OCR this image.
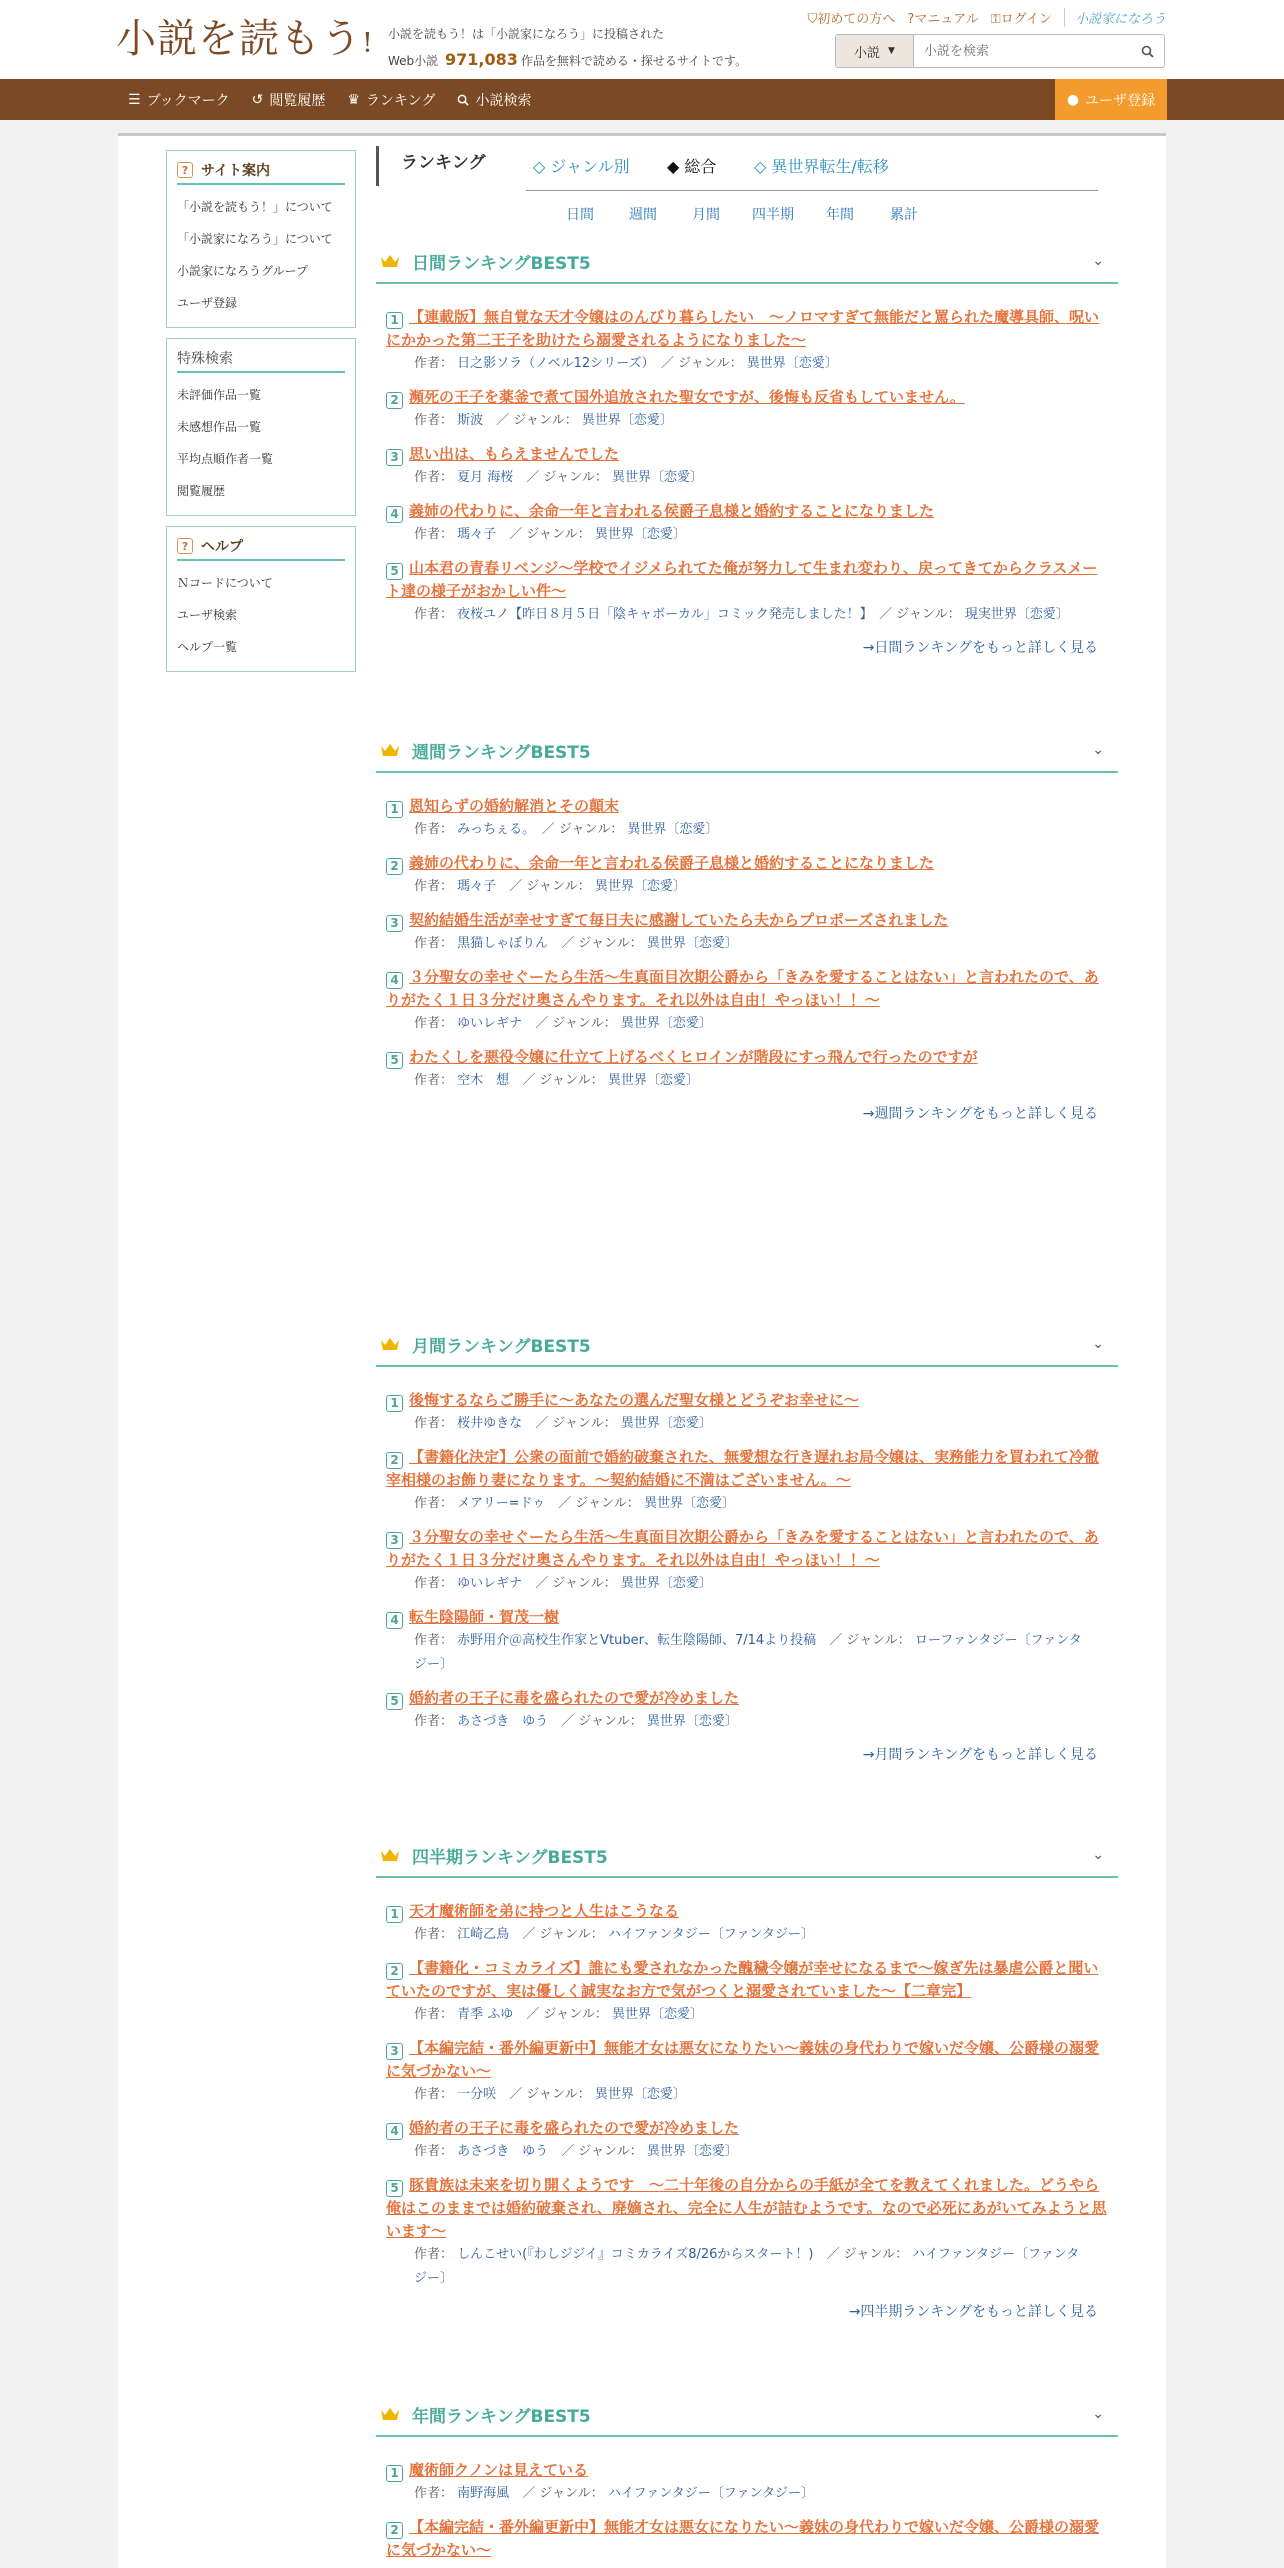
小説を読もう! 小説を読もう！は「小説家になろう」に投稿された
Web小説 971,083 作品を無料で読める・探せるサイトです。
⛉初めての方へ ?マニュアル ⚿ログイン	小説家になろう
小説 ▼
小説を検索
☰ ブックマーク ↺ 閲覧履歴 ♛ ランキング	小説検索	● ユーザ登録
? サイト案内
「小説を読もう！」について
「小説家になろう」について
小説家になろうグループ
ユーザ登録
特殊検索
未評価作品一覧
未感想作品一覧
平均点順作者一覧
閲覧履歴
? ヘルプ
Ｎコードについて
ユーザ検索
ヘルプ一覧
ランキング	◇ ジャンル別 ◆ 総合 ◇ 異世界転生/転移
日間	週間	月間 四半期 年間	累計
日間ランキングBEST5	⌄
1 【連載版】無自覚な天才令嬢はのんびり暮らしたい　～ノロマすぎて無能だと罵られた魔導具師、呪いにかかった第二王子を助けたら溺愛されるようになりました～
作者： 日之影ソラ（ノベル12シリーズ）　 ／ ジャンル： 異世界〔恋愛〕
2 瀕死の王子を薬釜で煮て国外追放された聖女ですが、後悔も反省もしていません。
作者： 斯波　 ／ ジャンル： 異世界〔恋愛〕
3 思い出は、もらえませんでした
作者： 夏月 海桜　 ／ ジャンル： 異世界〔恋愛〕
4 義姉の代わりに、余命一年と言われる侯爵子息様と婚約することになりました
作者： 瑪々子　 ／ ジャンル： 異世界〔恋愛〕
5 山本君の青春リベンジ～学校でイジメられてた俺が努力して生まれ変わり、戻ってきてからクラスメート達の様子がおかしい件～
作者： 夜桜ユノ【昨日８月５日「陰キャボーカル」コミック発売しました！】　 ／ ジャンル： 現実世界〔恋愛〕
→日間ランキングをもっと詳しく見る
週間ランキングBEST5	⌄
1 恩知らずの婚約解消とその顛末
作者： みっちぇる。　 ／ ジャンル： 異世界〔恋愛〕
2 義姉の代わりに、余命一年と言われる侯爵子息様と婚約することになりました
作者： 瑪々子　 ／ ジャンル： 異世界〔恋愛〕
3 契約結婚生活が幸せすぎて毎日夫に感謝していたら夫からプロポーズされました
作者： 黒猫しゃぼりん　 ／ ジャンル： 異世界〔恋愛〕
4 ３分聖女の幸せぐーたら生活～生真面目次期公爵から「きみを愛することはない」と言われたので、ありがたく１日３分だけ奥さんやります。それ以外は自由！やっほい！！～
作者： ゆいレギナ　 ／ ジャンル： 異世界〔恋愛〕
5 わたくしを悪役令嬢に仕立て上げるべくヒロインが階段にすっ飛んで行ったのですが
作者： 空木　想　 ／ ジャンル： 異世界〔恋愛〕
→週間ランキングをもっと詳しく見る
月間ランキングBEST5	⌄
1 後悔するならご勝手に～あなたの選んだ聖女様とどうぞお幸せに～
作者： 桜井ゆきな　 ／ ジャンル： 異世界〔恋愛〕
2 【書籍化決定】公衆の面前で婚約破棄された、無愛想な行き遅れお局令嬢は、実務能力を買われて冷徹宰相様のお飾り妻になります。～契約結婚に不満はございません。～
作者： メアリー=ドゥ　 ／ ジャンル： 異世界〔恋愛〕
3 ３分聖女の幸せぐーたら生活～生真面目次期公爵から「きみを愛することはない」と言われたので、ありがたく１日３分だけ奥さんやります。それ以外は自由！やっほい！！～
作者： ゆいレギナ　 ／ ジャンル： 異世界〔恋愛〕
4 転生陰陽師・賀茂一樹
作者： 赤野用介＠高校生作家とVtuber、転生陰陽師、7/14より投稿　 ／ ジャンル： ローファンタジー〔ファンタジー〕
5 婚約者の王子に毒を盛られたので愛が冷めました
作者： あさづき　ゆう　 ／ ジャンル： 異世界〔恋愛〕
→月間ランキングをもっと詳しく見る
四半期ランキングBEST5	⌄
1 天才魔術師を弟に持つと人生はこうなる
作者： 江崎乙鳥　 ／ ジャンル： ハイファンタジー〔ファンタジー〕
2 【書籍化・コミカライズ】誰にも愛されなかった醜穢令嬢が幸せになるまで〜嫁ぎ先は暴虐公爵と聞いていたのですが、実は優しく誠実なお方で気がつくと溺愛されていました〜【二章完】
作者： 青季 ふゆ　 ／ ジャンル： 異世界〔恋愛〕
3 【本編完結・番外編更新中】無能才女は悪女になりたい～義妹の身代わりで嫁いだ令嬢、公爵様の溺愛に気づかない～
作者： 一分咲　 ／ ジャンル： 異世界〔恋愛〕
4 婚約者の王子に毒を盛られたので愛が冷めました
作者： あさづき　ゆう　 ／ ジャンル： 異世界〔恋愛〕
5 豚貴族は未来を切り開くようです　～二十年後の自分からの手紙が全てを教えてくれました。どうやら俺はこのままでは婚約破棄され、廃嫡され、完全に人生が詰むようです。なので必死にあがいてみようと思います～
作者： しんこせい(『わしジジイ』コミカライズ8/26からスタート！)　 ／ ジャンル： ハイファンタジー〔ファンタジー〕
→四半期ランキングをもっと詳しく見る
年間ランキングBEST5	⌄
1 魔術師クノンは見えている
作者： 南野海風　 ／ ジャンル： ハイファンタジー〔ファンタジー〕
2 【本編完結・番外編更新中】無能才女は悪女になりたい～義妹の身代わりで嫁いだ令嬢、公爵様の溺愛に気づかない～
